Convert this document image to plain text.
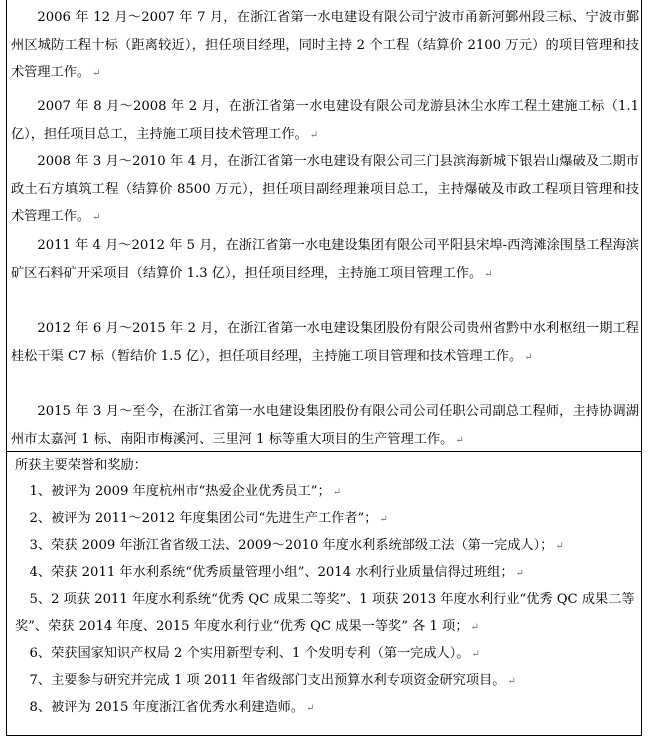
2006 年 12 月～2007 年 7 月，在浙江省第一水电建设有限公司宁波市甬新河鄞州段三标、宁波市鄞州区城防工程十标（距离较近），担任项目经理，同时主持 2 个工程（结算价 2100 万元）的项目管理和技术管理工作。 ↵
2007 年 8 月～2008 年 2 月，在浙江省第一水电建设有限公司龙游县沐尘水库工程土建施工标（1.1 亿），担任项目总工，主持施工项目技术管理工作。 ↵
2008 年 3 月～2010 年 4 月，在浙江省第一水电建设有限公司三门县滨海新城下银岩山爆破及二期市政土石方填筑工程（结算价 8500 万元），担任项目副经理兼项目总工，主持爆破及市政工程项目管理和技术管理工作。 ↵
2011 年 4 月～2012 年 5 月，在浙江省第一水电建设集团有限公司平阳县宋埠-西湾滩涂围垦工程海滨矿区石料矿开采项目（结算价 1.3 亿），担任项目经理，主持施工项目管理工作。 ↵
2012 年 6 月～2015 年 2 月，在浙江省第一水电建设集团股份有限公司贵州省黔中水利枢纽一期工程桂松干渠 C7 标（暂结价 1.5 亿），担任项目经理，主持施工项目管理和技术管理工作。 ↵
2015 年 3 月～至今，在浙江省第一水电建设集团股份有限公司公司任职公司副总工程师，主持协调湖州市太嘉河 1 标、南阳市梅溪河、三里河 1 标等重大项目的生产管理工作。 ↵
所获主要荣誉和奖励：
1、被评为 2009 年度杭州市“热爱企业优秀员工”； ↵
2、被评为 2011～2012 年度集团公司“先进生产工作者”； ↵
3、荣获 2009 年浙江省省级工法、2009～2010 年度水利系统部级工法（第一完成人）； ↵
4、荣获 2011 年水利系统“优秀质量管理小组”、2014 水利行业质量信得过班组； ↵
5、2 项获 2011 年度水利系统“优秀 QC 成果二等奖”、1 项获 2013 年度水利行业“优秀 QC 成果二等奖”、荣获 2014 年度、2015 年度水利行业“优秀 QC 成果一等奖” 各 1 项； ↵
6、荣获国家知识产权局 2 个实用新型专利、1 个发明专利（第一完成人）。 ↵
7、主要参与研究并完成 1 项 2011 年省级部门支出预算水利专项资金研究项目。 ↵
8、被评为 2015 年度浙江省优秀水利建造师。 ↵
